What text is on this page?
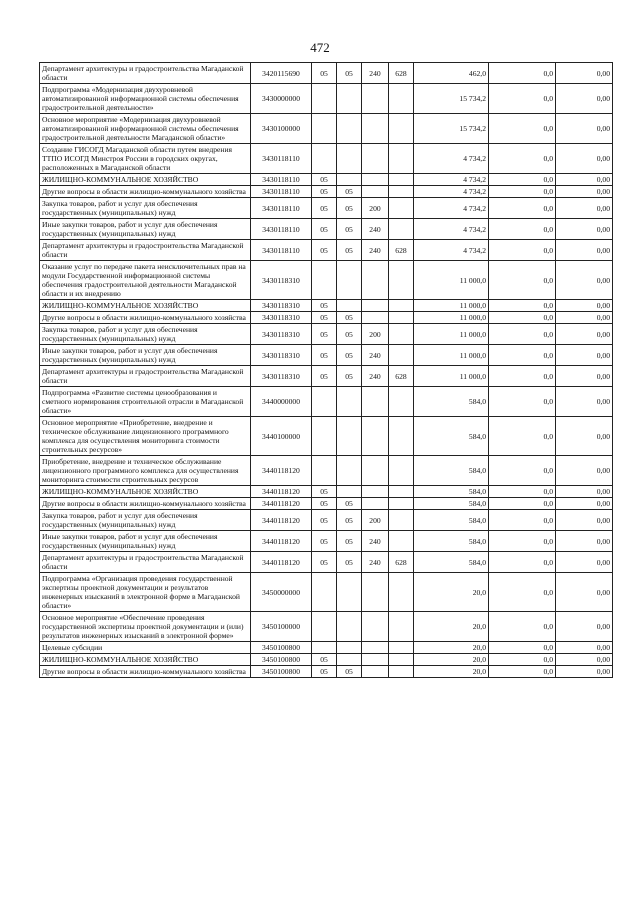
472
Департамент архитектуры и градостроительства Магаданской области	3420115690	05	05	240	628	462,0	0,0	0,00
Подпрограмма «Модернизация двухуровневой автоматизированной информационной системы обеспечения градостроительной деятельности»	3430000000					15 734,2	0,0	0,00
Основное мероприятие «Модернизация двухуровневой автоматизированной информационной системы обеспечения градостроительной деятельности Магаданской области»	3430100000					15 734,2	0,0	0,00
Создание ГИСОГД Магаданской области путем внедрения ТТПО ИСОГД Минстроя России в городских округах, расположенных в Магаданской области	3430118110					4 734,2	0,0	0,00
ЖИЛИЩНО-КОММУНАЛЬНОЕ ХОЗЯЙСТВО	3430118110	05				4 734,2	0,0	0,00
Другие вопросы в области жилищно-коммунального хозяйства	3430118110	05	05			4 734,2	0,0	0,00
Закупка товаров, работ и услуг для обеспечения государственных (муниципальных) нужд	3430118110	05	05	200		4 734,2	0,0	0,00
Иные закупки товаров, работ и услуг для обеспечения государственных (муниципальных) нужд	3430118110	05	05	240		4 734,2	0,0	0,00
Департамент архитектуры и градостроительства Магаданской области	3430118110	05	05	240	628	4 734,2	0,0	0,00
Оказание услуг по передаче пакета неисключительных прав на модули Государственной информационной системы обеспечения градостроительной деятельности Магаданской области и их внедрению	3430118310					11 000,0	0,0	0,00
ЖИЛИЩНО-КОММУНАЛЬНОЕ ХОЗЯЙСТВО	3430118310	05				11 000,0	0,0	0,00
Другие вопросы в области жилищно-коммунального хозяйства	3430118310	05	05			11 000,0	0,0	0,00
Закупка товаров, работ и услуг для обеспечения государственных (муниципальных) нужд	3430118310	05	05	200		11 000,0	0,0	0,00
Иные закупки товаров, работ и услуг для обеспечения государственных (муниципальных) нужд	3430118310	05	05	240		11 000,0	0,0	0,00
Департамент архитектуры и градостроительства Магаданской области	3430118310	05	05	240	628	11 000,0	0,0	0,00
Подпрограмма «Развитие системы ценообразования и сметного нормирования строительной отрасли в Магаданской области»	3440000000					584,0	0,0	0,00
Основное мероприятие «Приобретение, внедрение и техническое обслуживание лицензионного программного комплекса для осуществления мониторинга стоимости строительных ресурсов»	3440100000					584,0	0,0	0,00
Приобретение, внедрение и техническое обслуживание лицензионного программного комплекса для осуществления мониторинга стоимости строительных ресурсов	3440118120					584,0	0,0	0,00
ЖИЛИЩНО-КОММУНАЛЬНОЕ ХОЗЯЙСТВО	3440118120	05				584,0	0,0	0,00
Другие вопросы в области жилищно-коммунального хозяйства	3440118120	05	05			584,0	0,0	0,00
Закупка товаров, работ и услуг для обеспечения государственных (муниципальных) нужд	3440118120	05	05	200		584,0	0,0	0,00
Иные закупки товаров, работ и услуг для обеспечения государственных (муниципальных) нужд	3440118120	05	05	240		584,0	0,0	0,00
Департамент архитектуры и градостроительства Магаданской области	3440118120	05	05	240	628	584,0	0,0	0,00
Подпрограмма «Организация проведения государственной экспертизы проектной документации и результатов инженерных изысканий в электронной форме в Магаданской области»	3450000000					20,0	0,0	0,00
Основное мероприятие «Обеспечение проведения государственной экспертизы проектной документации и (или) результатов инженерных изысканий в электронной форме»	3450100000					20,0	0,0	0,00
Целевые субсидии	3450100800					20,0	0,0	0,00
ЖИЛИЩНО-КОММУНАЛЬНОЕ ХОЗЯЙСТВО	3450100800	05				20,0	0,0	0,00
Другие вопросы в области жилищно-коммунального хозяйства	3450100800	05	05			20,0	0,0	0,00
